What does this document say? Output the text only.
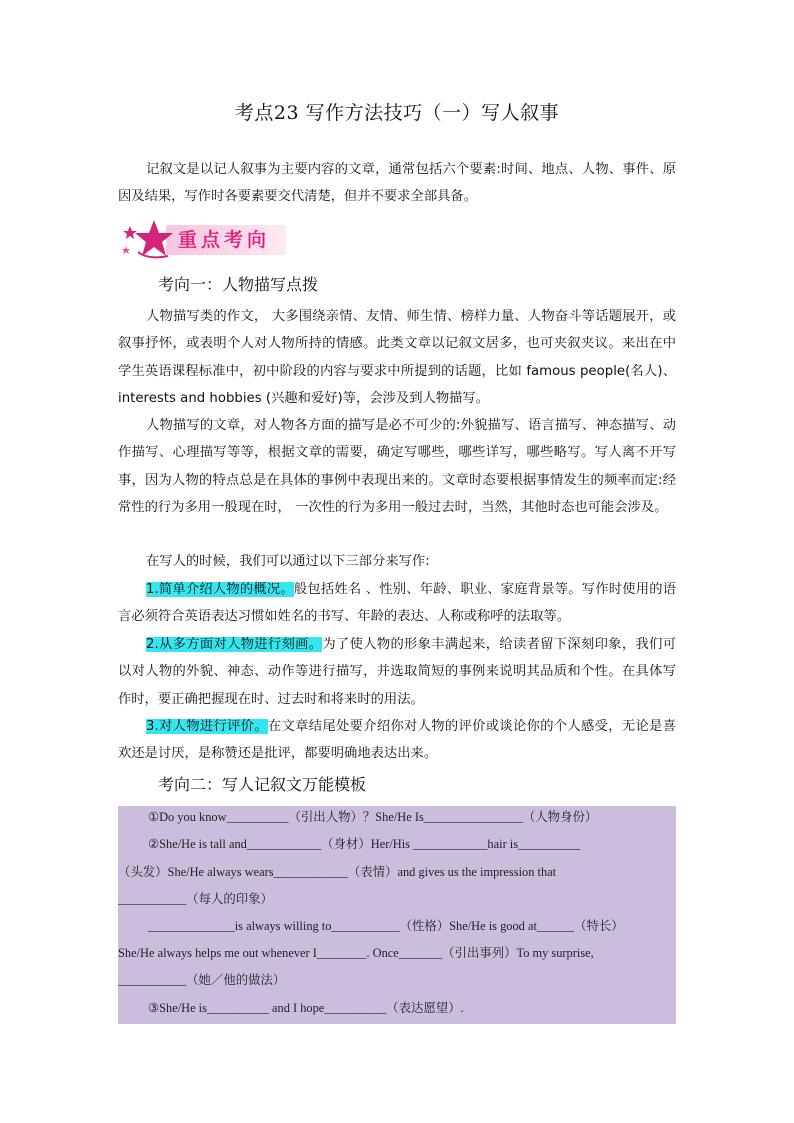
考点23 写作方法技巧（一）写人叙事

记叙文是以记人叙事为主要内容的文章，通常包括六个要素:时间、地点、人物、事件、原因及结果，写作时各要素要交代清楚，但并不要求全部具备。

重点考向
考向一：人物描写点拨

人物描写类的作文， 大多围绕亲情、友情、师生情、榜样力量、人物奋斗等话题展开，或叙事抒怀，或表明个人对人物所持的情感。此类文章以记叙文居多，也可夹叙夹议。来出在中学生英语课程标准中，初中阶段的内容与要求中所提到的话题，比如 famous people(名人)、interests and hobbies (兴趣和爱好)等，会涉及到人物描写。

人物描写的文章，对人物各方面的描写是必不可少的:外貌描写、语言描写、神态描写、动作描写、心理描写等等，根据文章的需要，确定写哪些，哪些详写，哪些略写。写人离不开写事，因为人物的特点总是在具体的事例中表现出来的。文章时态要根据事情发生的频率而定:经常性的行为多用一般现在时， 一次性的行为多用一般过去时，当然，其他时态也可能会涉及。

在写人的时候，我们可以通过以下三部分来写作:

1.简单介绍人物的概况。般包括姓名 、性别、年龄、职业、家庭背景等。写作时使用的语言必须符合英语表达习惯如姓名的书写、年龄的表达、人称或称呼的法取等。

2.从多方面对人物进行刻画。为了使人物的形象丰满起来，给读者留下深刻印象，我们可以对人物的外貌、神态、动作等进行描写，并选取简短的事例来说明其品质和个性。在具体写作时，要正确把握现在时、过去时和将来时的用法。

3.对人物进行评价。在文章结尾处要介绍你对人物的评价或谈论你的个人感受，无论是喜欢还是讨厌，是称赞还是批评，都要明确地表达出来。

考向二：写人记叙文万能模板
①Do you know__________（引出人物）？She/He Is________________（人物身份）
②She/He is tall and____________（身材）Her/His ____________hair is__________
（头发）She/He always wears____________（表情）and gives us the impression that
___________（每人的印象）
______________is always willing to___________（性格）She/He is good at______（特长）
She/He always helps me out whenever I________. Once_______（引出事列）To my surprise,
___________（她／他的做法）
③She/He is__________ and I hope__________（表达愿望）.
